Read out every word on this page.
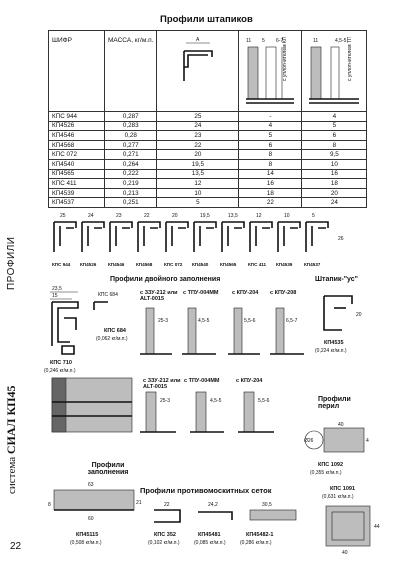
ПРОФИЛИ
система СИАЛ КП45
22
Профили штапиков
ШИФР	МАССА, кг/м.п.	A	11 5 6-7
с уплотнителем КПУ-204	11 4,5-5 с уплотнителем ТПУ-004ММ

КПС 944	0,287	25	-	4
КП4526	0,283	24	4	5
КП4546	0,28	23	5	6
КП4568	0,277	22	6	8
КПС 072	0,271	20	8	9,5
КП4540	0,264	19,5	8	10
КП4565	0,222	13,5	14	16
КПС 411	0,219	12	16	18
КП4539	0,213	10	18	20
КП4537	0,251	5	22	24
25
КПС 944
24
КП4526
23
КП4546
22
КП4568
20
КПС 072
19,5
КП4540
13,5
КП4565
12
КПС 411
10
КП4539
5
КП4537
26
Профили двойного заполнения	Штапик-"ус"
с ЗЗУ-212 или ALT-0015
с ТПУ-004ММ с КПУ-204 с КПУ-208
23,5
15	КПС 684
КПС 710
(0,246 кг/м.п.)
КПС 684
(0,062 кг/м.п.)
25-3	4,5-5	5,5-6	6,5-7
20
КП4535
(0,224 кг/м.п.)
с ЗЗУ-212 или ALT-0015
с ТПУ-004ММ	с КПУ-204
25-3	4,5-5	5,5-6	Профили перил
Ø26
40
4
КПС 1092
(0,355 кг/м.п.)
Профили заполнения
63
8	21
60
КП45115
(0,508 кг/м.п.)
Профили противомоскитных сеток
22	24,2	30,5
КПС 352
(0,102 кг/м.п.)
КП45481
(0,085 кг/м.п.)
КП45482-1
(0,286 кг/м.п.)
КПС 1091
(0,631 кг/м.п.)
44
40
